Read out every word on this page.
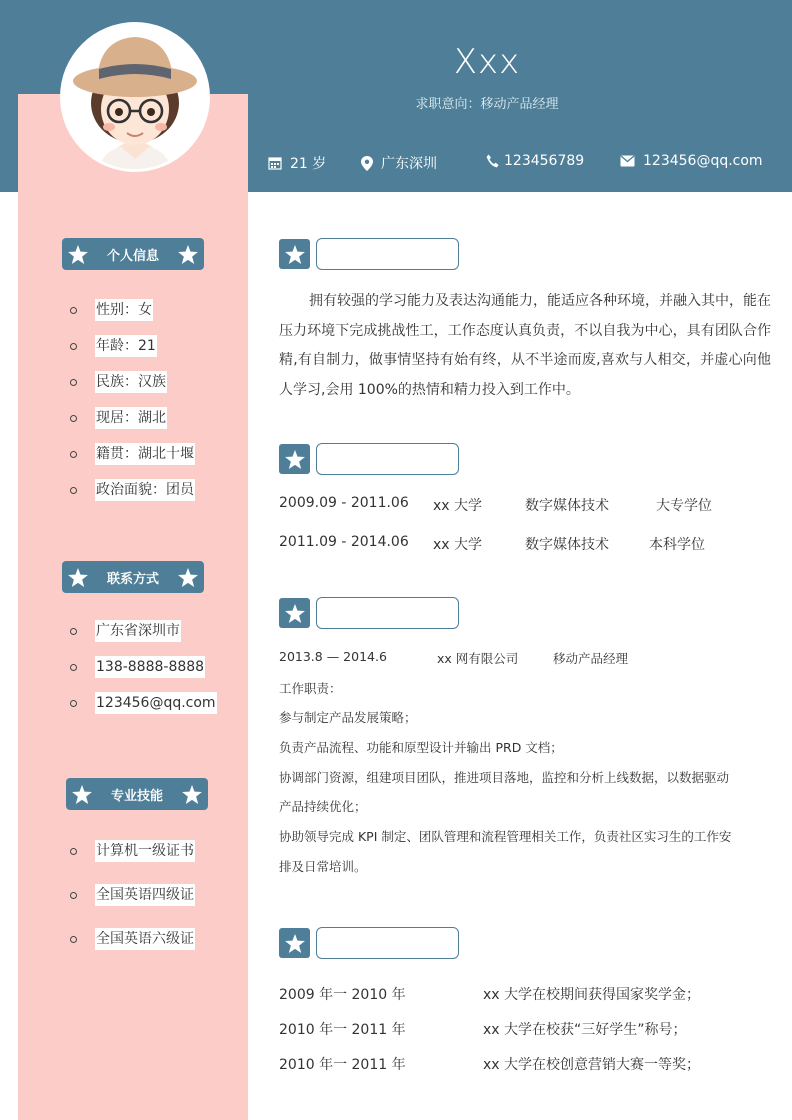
Xxx
求职意向：移动产品经理
21 岁	广东深圳	123456789	123456@qq.com
个人信息
性别：女
年龄：21
民族：汉族
现居：湖北
籍贯：湖北十堰
政治面貌：团员
联系方式
广东省深圳市
138-8888-8888
123456@qq.com
专业技能
计算机一级证书
全国英语四级证
全国英语六级证

拥有较强的学习能力及表达沟通能力，能适应各种环境，并融入其中，能在压力环境下完成挑战性工，工作态度认真负责，不以自我为中心，具有团队合作精,有自制力，做事情坚持有始有终，从不半途而废,喜欢与人相交，并虚心向他人学习,会用 100%的热情和精力投入到工作中。

2009.09 - 2011.06 xx 大学	数字媒体技术	大专学位
2011.09 - 2014.06 xx 大学	数字媒体技术	本科学位
2013.8 — 2014.6	xx 网有限公司	移动产品经理
工作职责：
参与制定产品发展策略；
负责产品流程、功能和原型设计并输出 PRD 文档；
协调部门资源，组建项目团队，推进项目落地，监控和分析上线数据，以数据驱动
产品持续优化；
协助领导完成 KPI 制定、团队管理和流程管理相关工作，负责社区实习生的工作安
排及日常培训。
2009 年一 2010 年	xx 大学在校期间获得国家奖学金；
2010 年一 2011 年	xx 大学在校获“三好学生”称号；
2010 年一 2011 年	xx 大学在校创意营销大赛一等奖；
